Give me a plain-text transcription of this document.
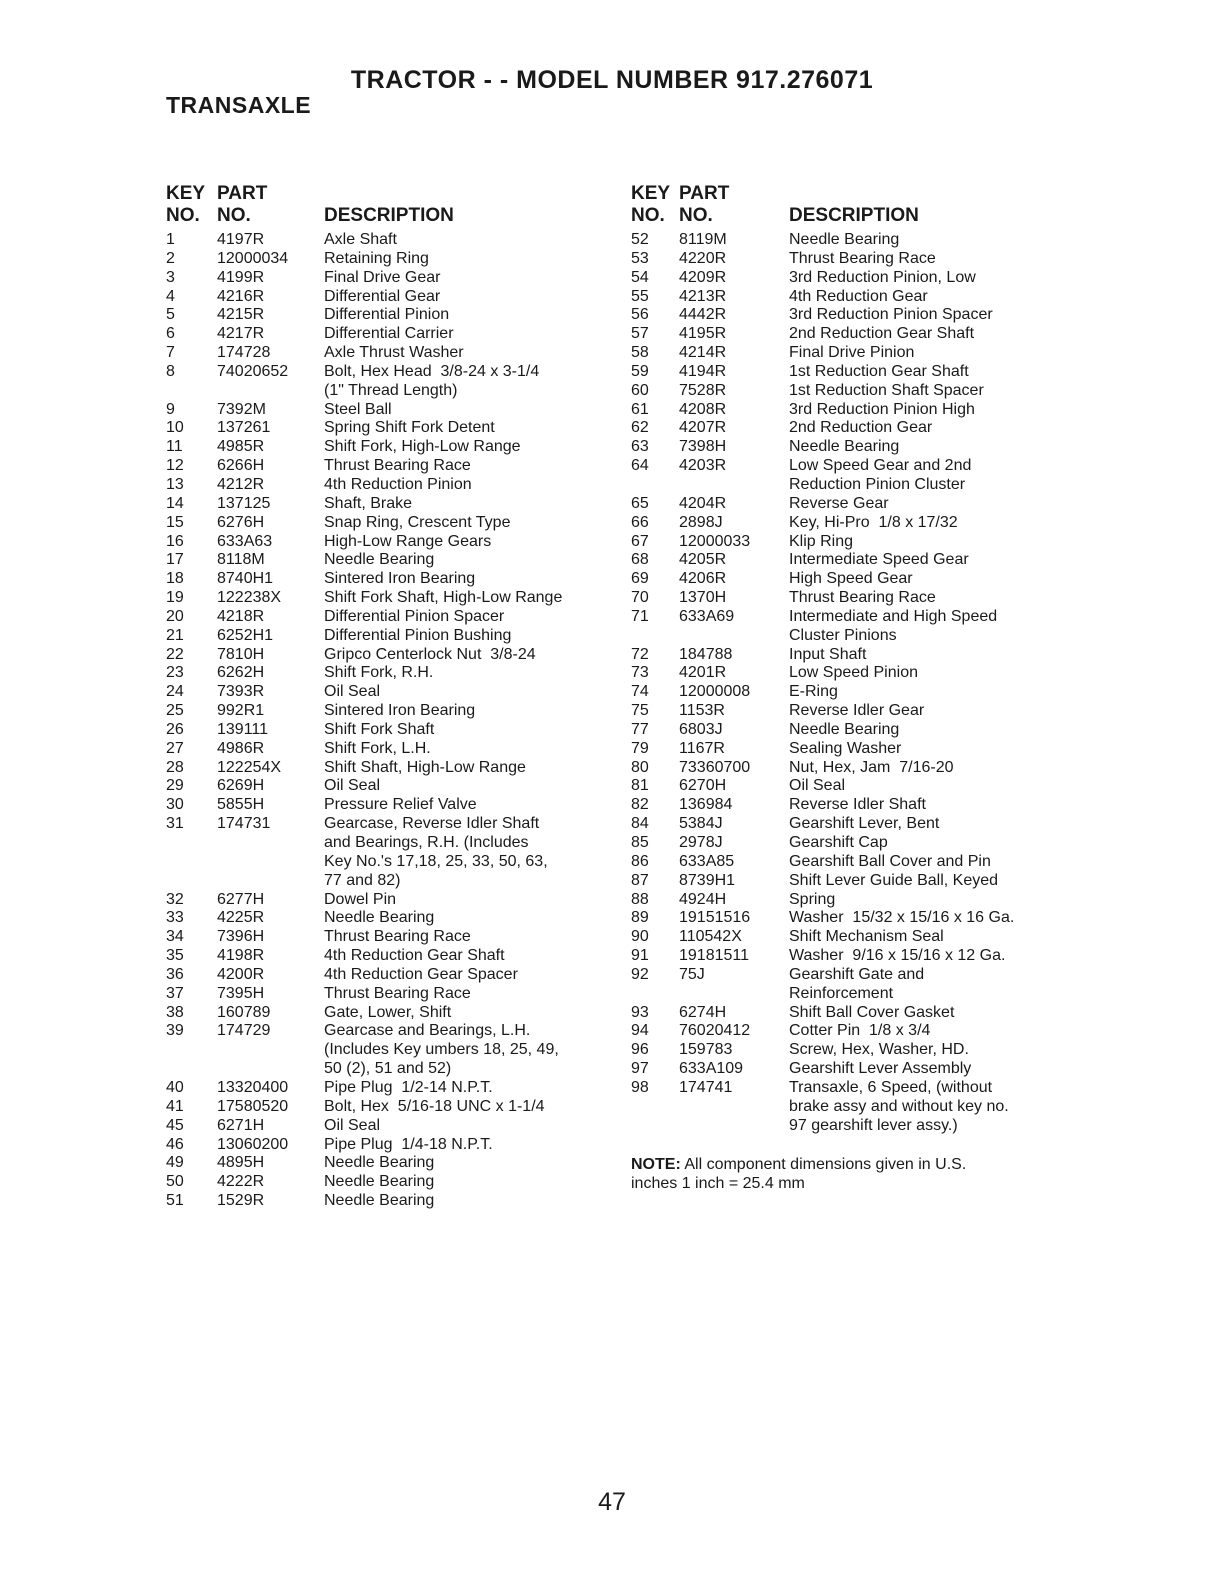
TRACTOR - - MODEL NUMBER 917.276071
TRANSAXLE
KEY
NO.
PART
NO.	DESCRIPTION
1	4197R	Axle Shaft
2	12000034	Retaining Ring
3	4199R	Final Drive Gear
4	4216R	Differential Gear
5	4215R	Differential Pinion
6	4217R	Differential Carrier
7	174728	Axle Thrust Washer
8	74020652	Bolt, Hex Head  3/8-24 x 3-1/4
(1" Thread Length)
9	7392M	Steel Ball
10	137261	Spring Shift Fork Detent
11	4985R	Shift Fork, High-Low Range
12	6266H	Thrust Bearing Race
13	4212R	4th Reduction Pinion
14	137125	Shaft, Brake
15	6276H	Snap Ring, Crescent Type
16	633A63	High-Low Range Gears
17	8118M	Needle Bearing
18	8740H1	Sintered Iron Bearing
19	122238X	Shift Fork Shaft, High-Low Range
20	4218R	Differential Pinion Spacer
21	6252H1	Differential Pinion Bushing
22	7810H	Gripco Centerlock Nut  3/8-24
23	6262H	Shift Fork, R.H.
24	7393R	Oil Seal
25	992R1	Sintered Iron Bearing
26	139111	Shift Fork Shaft
27	4986R	Shift Fork, L.H.
28	122254X	Shift Shaft, High-Low Range
29	6269H	Oil Seal
30	5855H	Pressure Relief Valve
31	174731	Gearcase, Reverse Idler Shaft
and Bearings, R.H. (Includes
Key No.'s 17,18, 25, 33, 50, 63,
77 and 82)
32	6277H	Dowel Pin
33	4225R	Needle Bearing
34	7396H	Thrust Bearing Race
35	4198R	4th Reduction Gear Shaft
36	4200R	4th Reduction Gear Spacer
37	7395H	Thrust Bearing Race
38	160789	Gate, Lower, Shift
39	174729	Gearcase and Bearings, L.H.
(Includes Key umbers 18, 25, 49,
50 (2), 51 and 52)
40	13320400	Pipe Plug  1/2-14 N.P.T.
41	17580520	Bolt, Hex  5/16-18 UNC x 1-1/4
45	6271H	Oil Seal
46	13060200	Pipe Plug  1/4-18 N.P.T.
49	4895H	Needle Bearing
50	4222R	Needle Bearing
51	1529R	Needle Bearing
KEY
NO.
PART
NO.	DESCRIPTION
52	8119M	Needle Bearing
53	4220R	Thrust Bearing Race
54	4209R	3rd Reduction Pinion, Low
55	4213R	4th Reduction Gear
56	4442R	3rd Reduction Pinion Spacer
57	4195R	2nd Reduction Gear Shaft
58	4214R	Final Drive Pinion
59	4194R	1st Reduction Gear Shaft
60	7528R	1st Reduction Shaft Spacer
61	4208R	3rd Reduction Pinion High
62	4207R	2nd Reduction Gear
63	7398H	Needle Bearing
64	4203R	Low Speed Gear and 2nd
Reduction Pinion Cluster
65	4204R	Reverse Gear
66	2898J	Key, Hi-Pro  1/8 x 17/32
67	12000033	Klip Ring
68	4205R	Intermediate Speed Gear
69	4206R	High Speed Gear
70	1370H	Thrust Bearing Race
71	633A69	Intermediate and High Speed
Cluster Pinions
72	184788	Input Shaft
73	4201R	Low Speed Pinion
74	12000008	E-Ring
75	1153R	Reverse Idler Gear
77	6803J	Needle Bearing
79	1167R	Sealing Washer
80	73360700	Nut, Hex, Jam  7/16-20
81	6270H	Oil Seal
82	136984	Reverse Idler Shaft
84	5384J	Gearshift Lever, Bent
85	2978J	Gearshift Cap
86	633A85	Gearshift Ball Cover and Pin
87	8739H1	Shift Lever Guide Ball, Keyed
88	4924H	Spring
89	19151516	Washer  15/32 x 15/16 x 16 Ga.
90	110542X	Shift Mechanism Seal
91	19181511	Washer  9/16 x 15/16 x 12 Ga.
92	75J	Gearshift Gate and
Reinforcement
93	6274H	Shift Ball Cover Gasket
94	76020412	Cotter Pin  1/8 x 3/4
96	159783	Screw, Hex, Washer, HD.
97	633A109	Gearshift Lever Assembly
98	174741	Transaxle, 6 Speed, (without
brake assy and without key no.
97 gearshift lever assy.)
NOTE: All component dimensions given in U.S.
inches 1 inch = 25.4 mm
47
